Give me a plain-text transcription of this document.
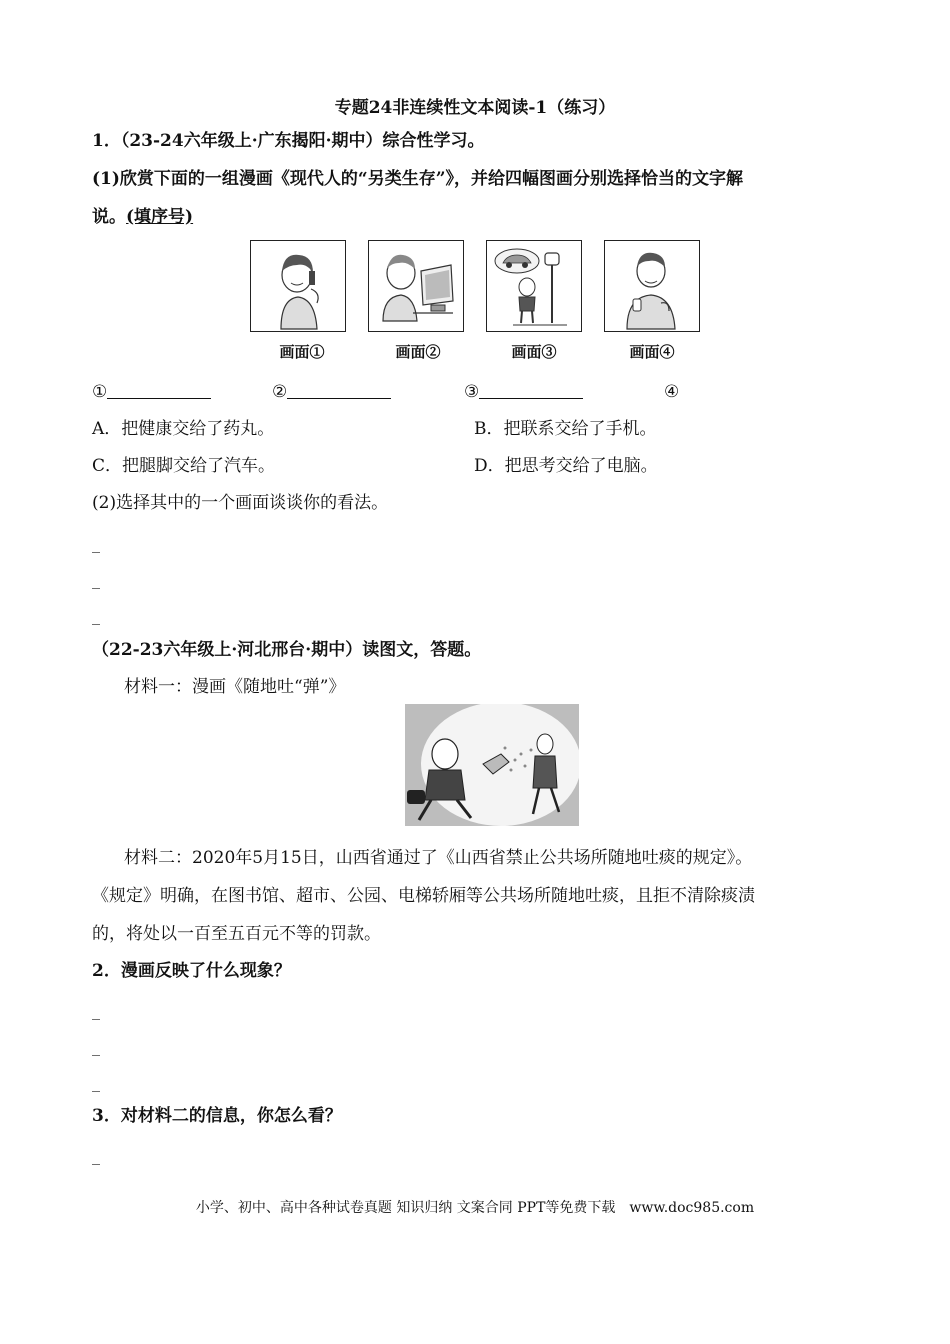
专题24非连续性文本阅读-1（练习）
1．（23-24六年级上·广东揭阳·期中）综合性学习。
(1)欣赏下面的一组漫画《现代人的“另类生存”》，并给四幅图画分别选择恰当的文字解
说。(填序号)
画面①	画面②	画面③	画面④
①	②	③	④
A．把健康交给了药丸。	B．把联系交给了手机。
C．把腿脚交给了汽车。	D．把思考交给了电脑。
(2)选择其中的一个画面谈谈你的看法。
_
_
_
（22-23六年级上·河北邢台·期中）读图文，答题。
材料一：漫画《随地吐“弹”》
材料二：2020年5月15日，山西省通过了《山西省禁止公共场所随地吐痰的规定》。
《规定》明确，在图书馆、超市、公园、电梯轿厢等公共场所随地吐痰，且拒不清除痰渍
的，将处以一百至五百元不等的罚款。
2．漫画反映了什么现象？
_
_
_
3．对材料二的信息，你怎么看？
_
小学、初中、高中各种试卷真题 知识归纳 文案合同 PPT等免费下载　www.doc985.com
